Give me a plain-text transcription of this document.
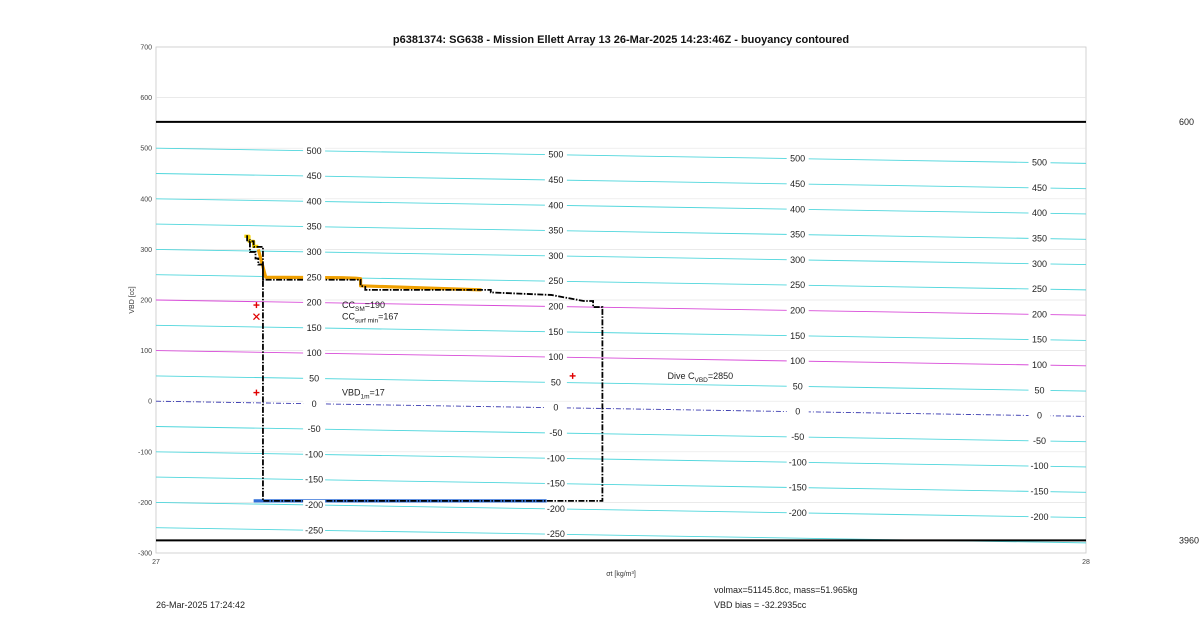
p6381374: SG638 - Mission Ellett Array 13 26-Mar-2025 14:23:46Z - buoyancy contoured
-300
-200
-100
0
100
200
300
400
500
600
700
27	28
σt [kg/m³]
VBD [cc]
600
3960
-250
-200
-150
-100
-50
0
50
100
150
200
250
300
350
400
450
500
-250
-200
-150
-100
-50
0
50
100
150
200
250
300
350
400
450
500
-200
-150
-100
-50
0
50
100
150
200
250
300
350
400
450
500
-200
-150
-100
-50
0
50
100
150
200
250
300
350
400
450
500
$CC_{SM}=190$
$CC_{surf min}=167$
$VBD_{1m}=17$
Dive $C_{VBD}=2850$
26-Mar-2025 17:24:42
volmax=51145.8cc, mass=51.965kg
VBD bias = -32.2935cc
